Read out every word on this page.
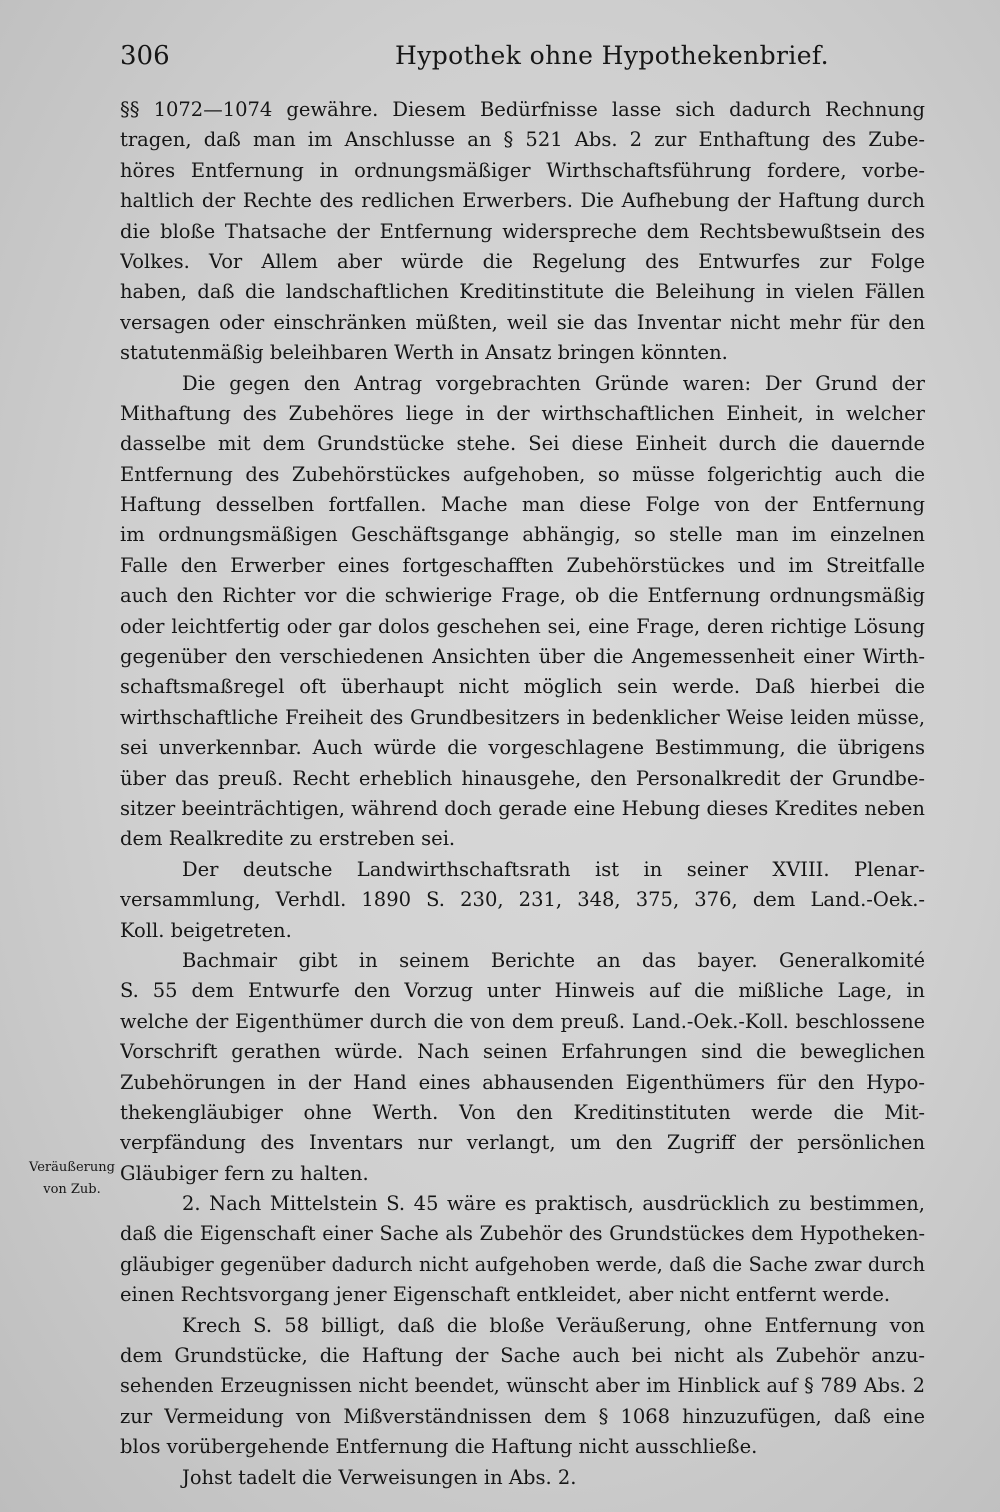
306	Hypothek ohne Hypothekenbrief.
Veräußerung
von Zub.
§§ 1072—1074 gewähre. Diesem Bedürfnisse lasse sich dadurch Rechnung
tragen, daß man im Anschlusse an § 521 Abs. 2 zur Enthaftung des Zube-
höres Entfernung in ordnungsmäßiger Wirthschaftsführung fordere, vorbe-
haltlich der Rechte des redlichen Erwerbers. Die Aufhebung der Haftung durch
die bloße Thatsache der Entfernung widerspreche dem Rechtsbewußtsein des
Volkes. Vor Allem aber würde die Regelung des Entwurfes zur Folge
haben, daß die landschaftlichen Kreditinstitute die Beleihung in vielen Fällen
versagen oder einschränken müßten, weil sie das Inventar nicht mehr für den
statutenmäßig beleihbaren Werth in Ansatz bringen könnten.
Die gegen den Antrag vorgebrachten Gründe waren: Der Grund der
Mithaftung des Zubehöres liege in der wirthschaftlichen Einheit, in welcher
dasselbe mit dem Grundstücke stehe. Sei diese Einheit durch die dauernde
Entfernung des Zubehörstückes aufgehoben, so müsse folgerichtig auch die
Haftung desselben fortfallen. Mache man diese Folge von der Entfernung
im ordnungsmäßigen Geschäftsgange abhängig, so stelle man im einzelnen
Falle den Erwerber eines fortgeschafften Zubehörstückes und im Streitfalle
auch den Richter vor die schwierige Frage, ob die Entfernung ordnungsmäßig
oder leichtfertig oder gar dolos geschehen sei, eine Frage, deren richtige Lösung
gegenüber den verschiedenen Ansichten über die Angemessenheit einer Wirth-
schaftsmaßregel oft überhaupt nicht möglich sein werde. Daß hierbei die
wirthschaftliche Freiheit des Grundbesitzers in bedenklicher Weise leiden müsse,
sei unverkennbar. Auch würde die vorgeschlagene Bestimmung, die übrigens
über das preuß. Recht erheblich hinausgehe, den Personalkredit der Grundbe-
sitzer beeinträchtigen, während doch gerade eine Hebung dieses Kredites neben
dem Realkredite zu erstreben sei.
Der deutsche Landwirthschaftsrath ist in seiner XVIII. Plenar-
versammlung, Verhdl. 1890 S. 230, 231, 348, 375, 376, dem Land.-Oek.-
Koll. beigetreten.
Bachmair gibt in seinem Berichte an das bayer. Generalkomité
S. 55 dem Entwurfe den Vorzug unter Hinweis auf die mißliche Lage, in
welche der Eigenthümer durch die von dem preuß. Land.-Oek.-Koll. beschlossene
Vorschrift gerathen würde. Nach seinen Erfahrungen sind die beweglichen
Zubehörungen in der Hand eines abhausenden Eigenthümers für den Hypo-
thekengläubiger ohne Werth. Von den Kreditinstituten werde die Mit-
verpfändung des Inventars nur verlangt, um den Zugriff der persönlichen
Gläubiger fern zu halten.
2. Nach Mittelstein S. 45 wäre es praktisch, ausdrücklich zu bestimmen,
daß die Eigenschaft einer Sache als Zubehör des Grundstückes dem Hypotheken-
gläubiger gegenüber dadurch nicht aufgehoben werde, daß die Sache zwar durch
einen Rechtsvorgang jener Eigenschaft entkleidet, aber nicht entfernt werde.
Krech S. 58 billigt, daß die bloße Veräußerung, ohne Entfernung von
dem Grundstücke, die Haftung der Sache auch bei nicht als Zubehör anzu-
sehenden Erzeugnissen nicht beendet, wünscht aber im Hinblick auf § 789 Abs. 2
zur Vermeidung von Mißverständnissen dem § 1068 hinzuzufügen, daß eine
blos vorübergehende Entfernung die Haftung nicht ausschließe.
Johst tadelt die Verweisungen in Abs. 2.
